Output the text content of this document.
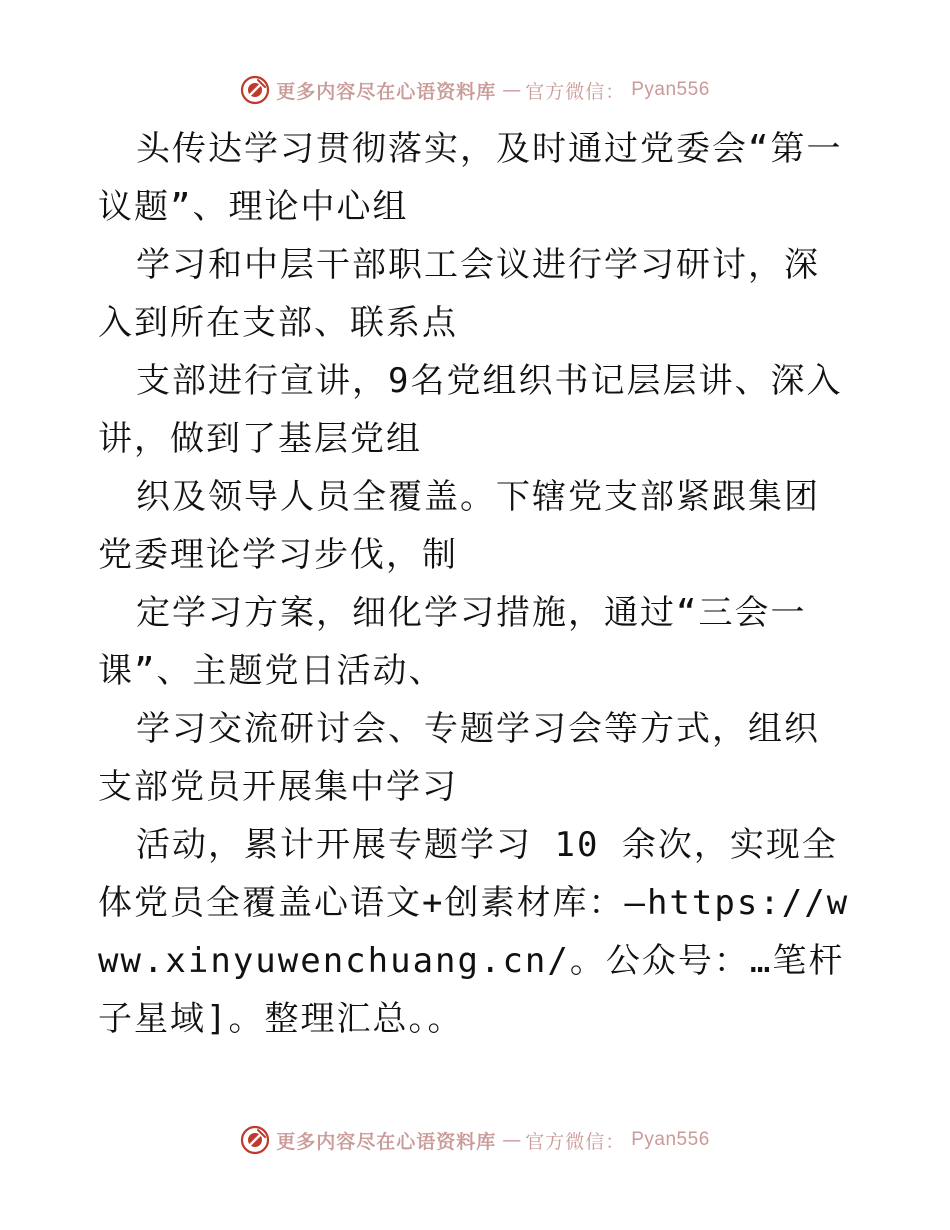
更多内容尽在心语资料库 — 官方微信： Pyan556

头传达学习贯彻落实，及时通过党委会“第一议题”、理论中心组

学习和中层干部职工会议进行学习研讨，深入到所在支部、联系点

支部进行宣讲，9名党组织书记层层讲、深入讲，做到了基层党组

织及领导人员全覆盖。下辖党支部紧跟集团党委理论学习步伐，制

定学习方案，细化学习措施，通过“三会一课”、主题党日活动、

学习交流研讨会、专题学习会等方式，组织支部党员开展集中学习

活动，累计开展专题学习 10 余次，实现全体党员全覆盖心语文+创素材库：—https://www.xinyuwenchuang.cn/。公众号：…笔杆子星域]。整理汇总。。

更多内容尽在心语资料库 — 官方微信： Pyan556
